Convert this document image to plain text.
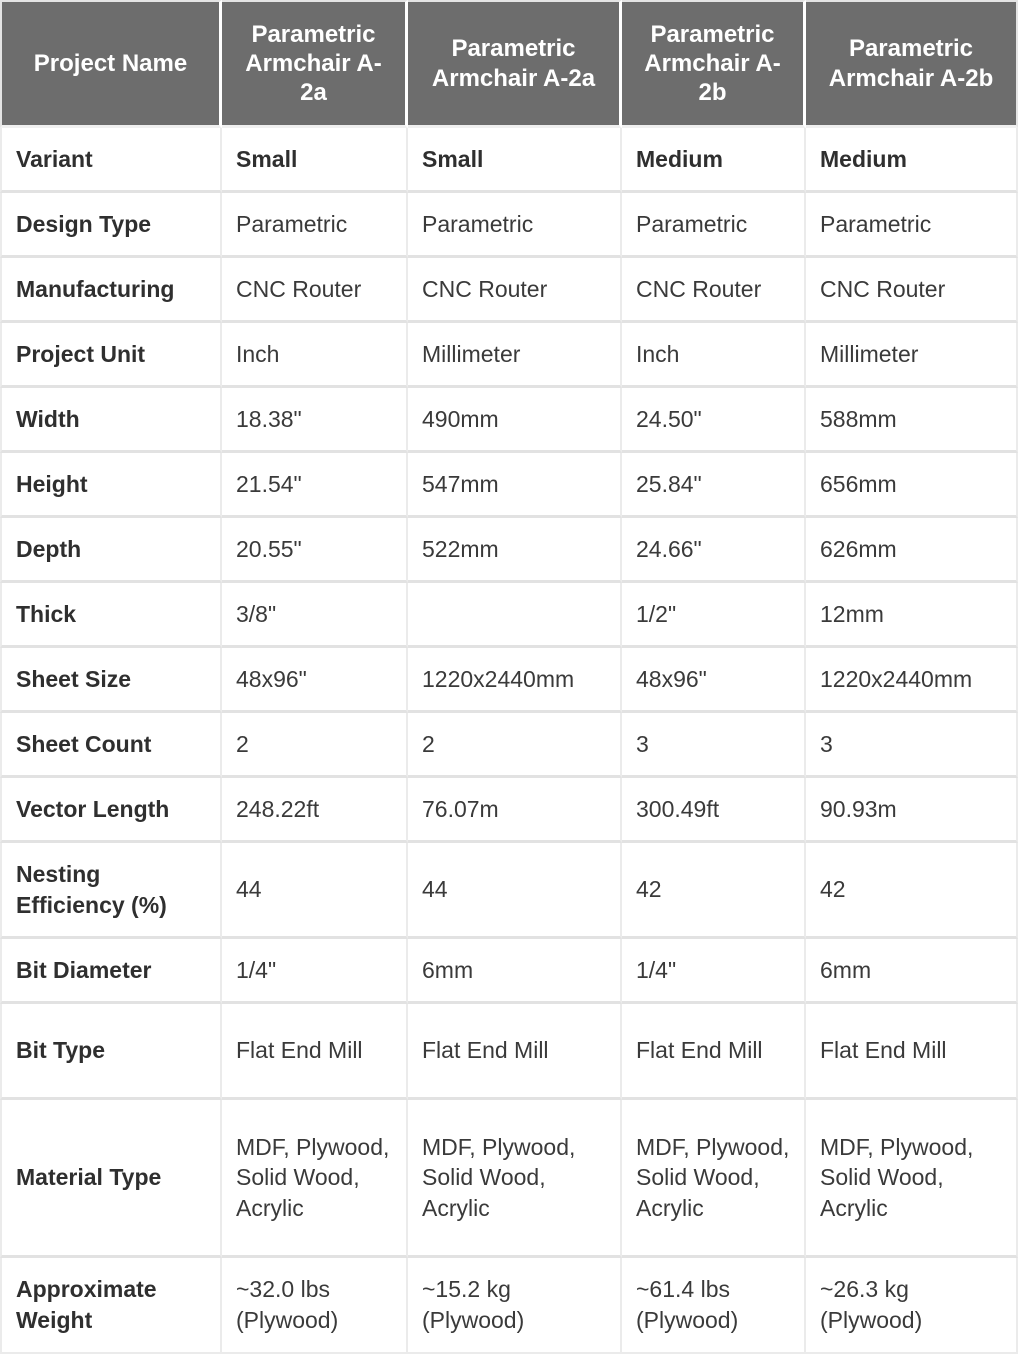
Project Name	Parametric Armchair A-2a	Parametric Armchair A-2a	Parametric Armchair A-2b	Parametric Armchair A-2b
Variant	Small	Small	Medium	Medium
Design Type	Parametric	Parametric	Parametric	Parametric
Manufacturing	CNC Router	CNC Router	CNC Router	CNC Router
Project Unit	Inch	Millimeter	Inch	Millimeter
Width	18.38"	490mm	24.50"	588mm
Height	21.54"	547mm	25.84"	656mm
Depth	20.55"	522mm	24.66"	626mm
Thick	3/8"		1/2"	12mm
Sheet Size	48x96"	1220x2440mm	48x96"	1220x2440mm
Sheet Count	2	2	3	3
Vector Length	248.22ft	76.07m	300.49ft	90.93m
Nesting Efficiency (%)	44	44	42	42
Bit Diameter	1/4"	6mm	1/4"	6mm
Bit Type	Flat End Mill	Flat End Mill	Flat End Mill	Flat End Mill
Material Type	MDF, Plywood, Solid Wood, Acrylic	MDF, Plywood, Solid Wood, Acrylic	MDF, Plywood, Solid Wood, Acrylic	MDF, Plywood, Solid Wood, Acrylic
Approximate Weight	~32.0 lbs (Plywood)	~15.2 kg (Plywood)	~61.4 lbs (Plywood)	~26.3 kg (Plywood)
